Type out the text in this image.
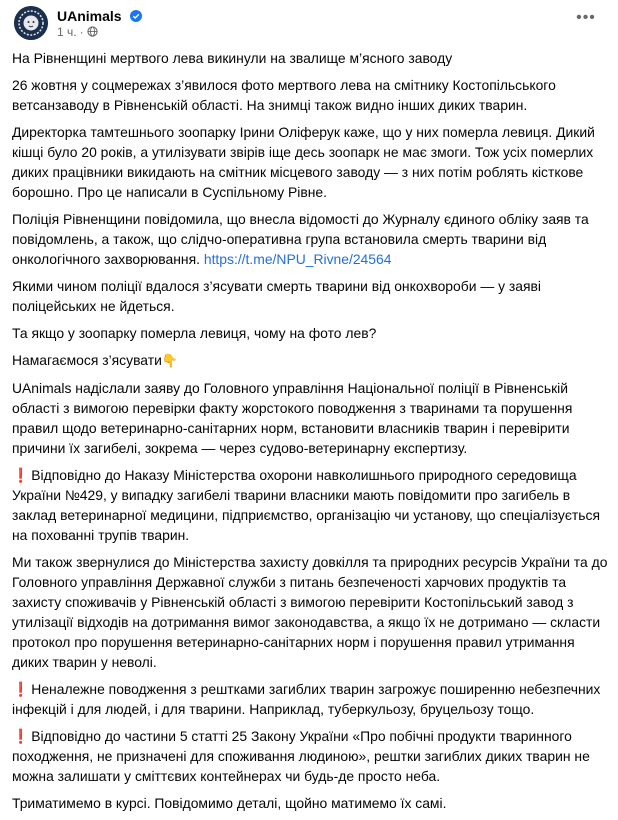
UAnimals
1 ч. ·
•••

На Рівненщині мертвого лева викинули на звалище м’ясного заводу

26 жовтня у соцмережах з’явилося фото мертвого лева на смітнику Костопільського ветсанзаводу в Рівненській області. На знимці також видно інших диких тварин.

Директорка тамтешнього зоопарку Ірини Оліферук каже, що у них померла левиця. Дикий кішці було 20 років, а утилізувати звірів іще десь зоопарк не має змоги. Тож усіх померлих диких працівники викидають на смітник місцевого заводу — з них потім роблять кісткове борошно. Про це написали в Суспільному Рівне.

Поліція Рівненщини повідомила, що внесла відомості до Журналу єдиного обліку заяв та повідомлень, а також, що слідчо-оперативна група встановила смерть тварини від онкологічного захворювання. https://t.me/NPU_Rivne/24564

Якими чином поліції вдалося з’ясувати смерть тварини від онкохвороби — у заяві поліцейських не йдеться.

Та якщо у зоопарку померла левиця, чому на фото лев?

Намагаємося з’ясувати👇

UAnimals надіслали заяву до Головного управління Національної поліції в Рівненській області з вимогою перевірки факту жорстокого поводження з тваринами та порушення правил щодо ветеринарно-санітарних норм, встановити власників тварин і перевірити причини їх загибелі, зокрема — через судово-ветеринарну експертизу.

❗ Відповідно до Наказу Міністерства охорони навколишнього природного середовища України №429, у випадку загибелі тварини власники мають повідомити про загибель в заклад ветеринарної медицини, підприємство, організацію чи установу, що спеціалізується на похованні трупів тварин.

Ми також звернулися до Міністерства захисту довкілля та природних ресурсів України та до Головного управління Державної служби з питань безпеченості харчових продуктів та захисту споживачів у Рівненській області з вимогою перевірити Костопільський завод з утилізації відходів на дотримання вимог законодавства, а якщо їх не дотримано — скласти протокол про порушення ветеринарно-санітарних норм і порушення правил утримання диких тварин у неволі.

❗ Неналежне поводження з рештками загиблих тварин загрожує поширенню небезпечних інфекцій і для людей, і для тварини. Наприклад, туберкульозу, бруцельозу тощо.

❗ Відповідно до частини 5 статті 25 Закону України «Про побічні продукти тваринного походження, не призначені для споживання людиною», рештки загиблих диких тварин не можна залишати у сміттєвих контейнерах чи будь-де просто неба.

Триматимемо в курсі. Повідомимо деталі, щойно матимемо їх самі.
